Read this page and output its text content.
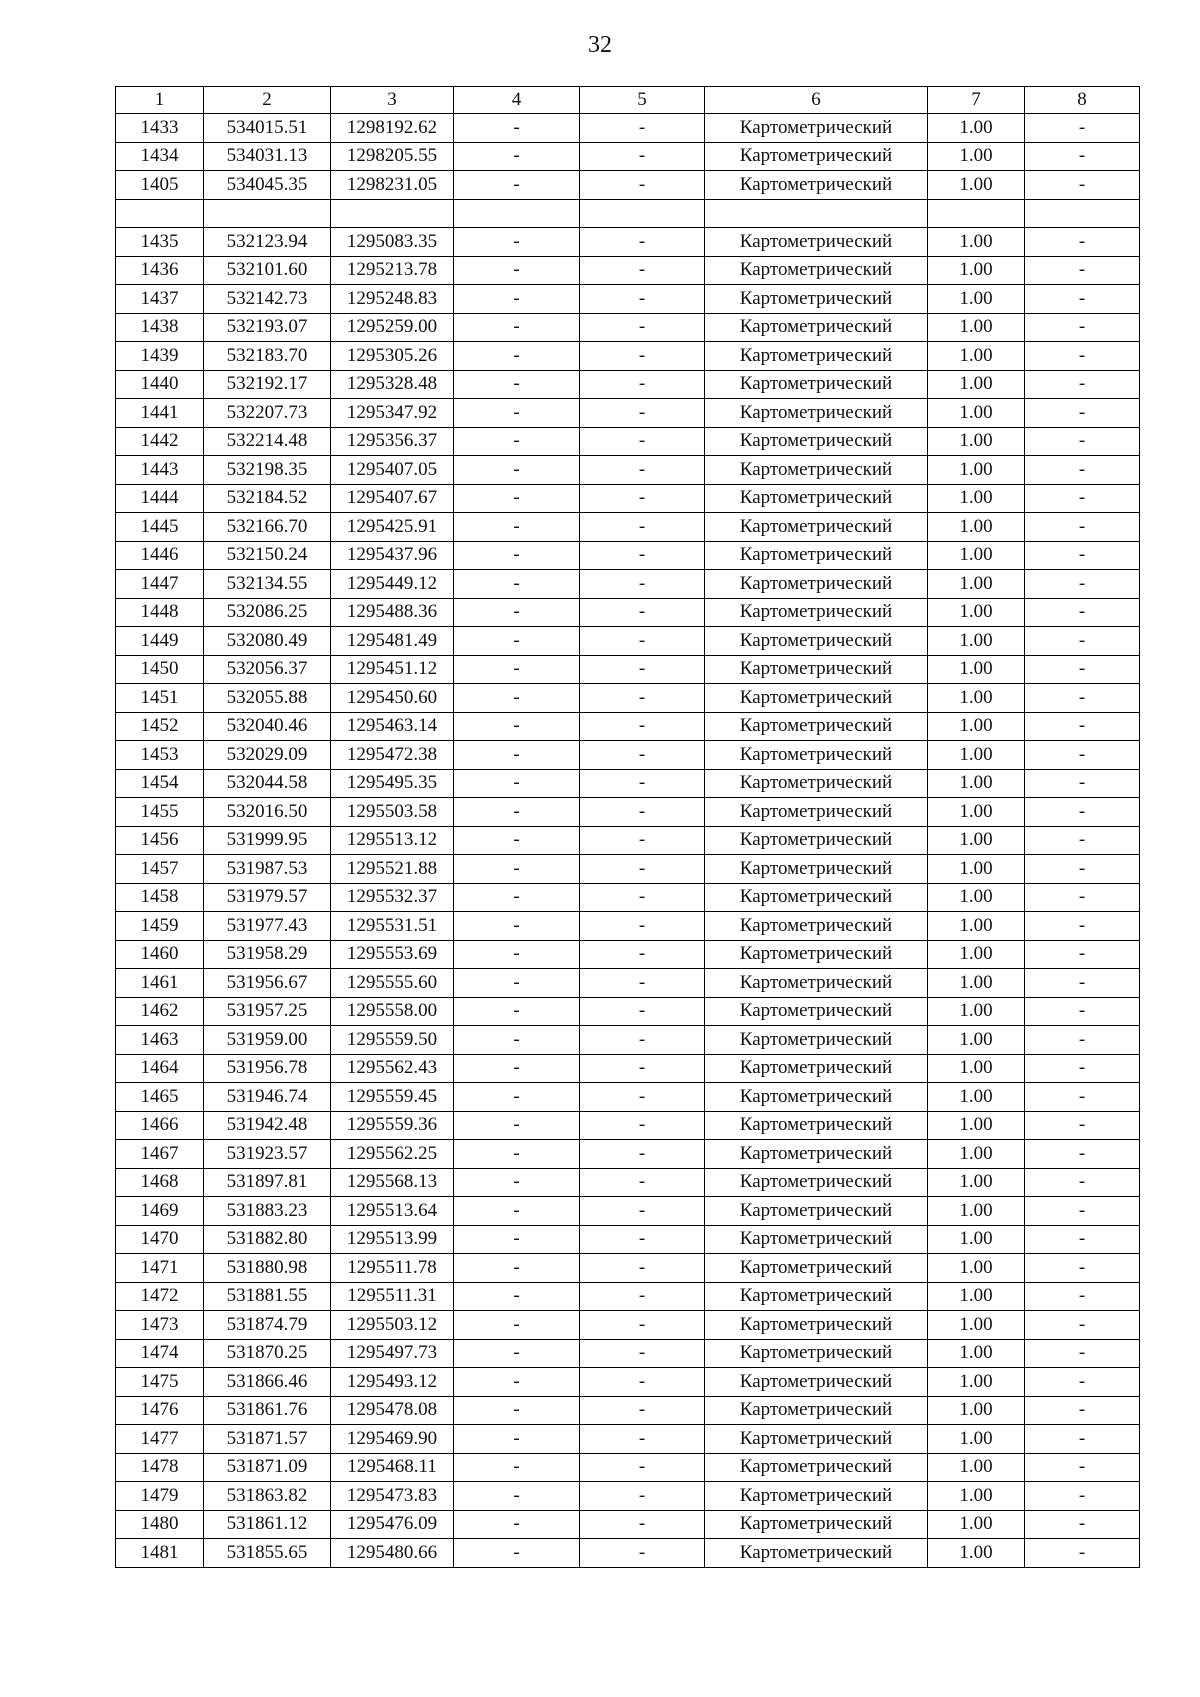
32
1	2	3	4	5	6	7	8
1433	534015.51	1298192.62	-	-	Картометрический	1.00	-
1434	534031.13	1298205.55	-	-	Картометрический	1.00	-
1405	534045.35	1298231.05	-	-	Картометрический	1.00	-

1435	532123.94	1295083.35	-	-	Картометрический	1.00	-
1436	532101.60	1295213.78	-	-	Картометрический	1.00	-
1437	532142.73	1295248.83	-	-	Картометрический	1.00	-
1438	532193.07	1295259.00	-	-	Картометрический	1.00	-
1439	532183.70	1295305.26	-	-	Картометрический	1.00	-
1440	532192.17	1295328.48	-	-	Картометрический	1.00	-
1441	532207.73	1295347.92	-	-	Картометрический	1.00	-
1442	532214.48	1295356.37	-	-	Картометрический	1.00	-
1443	532198.35	1295407.05	-	-	Картометрический	1.00	-
1444	532184.52	1295407.67	-	-	Картометрический	1.00	-
1445	532166.70	1295425.91	-	-	Картометрический	1.00	-
1446	532150.24	1295437.96	-	-	Картометрический	1.00	-
1447	532134.55	1295449.12	-	-	Картометрический	1.00	-
1448	532086.25	1295488.36	-	-	Картометрический	1.00	-
1449	532080.49	1295481.49	-	-	Картометрический	1.00	-
1450	532056.37	1295451.12	-	-	Картометрический	1.00	-
1451	532055.88	1295450.60	-	-	Картометрический	1.00	-
1452	532040.46	1295463.14	-	-	Картометрический	1.00	-
1453	532029.09	1295472.38	-	-	Картометрический	1.00	-
1454	532044.58	1295495.35	-	-	Картометрический	1.00	-
1455	532016.50	1295503.58	-	-	Картометрический	1.00	-
1456	531999.95	1295513.12	-	-	Картометрический	1.00	-
1457	531987.53	1295521.88	-	-	Картометрический	1.00	-
1458	531979.57	1295532.37	-	-	Картометрический	1.00	-
1459	531977.43	1295531.51	-	-	Картометрический	1.00	-
1460	531958.29	1295553.69	-	-	Картометрический	1.00	-
1461	531956.67	1295555.60	-	-	Картометрический	1.00	-
1462	531957.25	1295558.00	-	-	Картометрический	1.00	-
1463	531959.00	1295559.50	-	-	Картометрический	1.00	-
1464	531956.78	1295562.43	-	-	Картометрический	1.00	-
1465	531946.74	1295559.45	-	-	Картометрический	1.00	-
1466	531942.48	1295559.36	-	-	Картометрический	1.00	-
1467	531923.57	1295562.25	-	-	Картометрический	1.00	-
1468	531897.81	1295568.13	-	-	Картометрический	1.00	-
1469	531883.23	1295513.64	-	-	Картометрический	1.00	-
1470	531882.80	1295513.99	-	-	Картометрический	1.00	-
1471	531880.98	1295511.78	-	-	Картометрический	1.00	-
1472	531881.55	1295511.31	-	-	Картометрический	1.00	-
1473	531874.79	1295503.12	-	-	Картометрический	1.00	-
1474	531870.25	1295497.73	-	-	Картометрический	1.00	-
1475	531866.46	1295493.12	-	-	Картометрический	1.00	-
1476	531861.76	1295478.08	-	-	Картометрический	1.00	-
1477	531871.57	1295469.90	-	-	Картометрический	1.00	-
1478	531871.09	1295468.11	-	-	Картометрический	1.00	-
1479	531863.82	1295473.83	-	-	Картометрический	1.00	-
1480	531861.12	1295476.09	-	-	Картометрический	1.00	-
1481	531855.65	1295480.66	-	-	Картометрический	1.00	-
